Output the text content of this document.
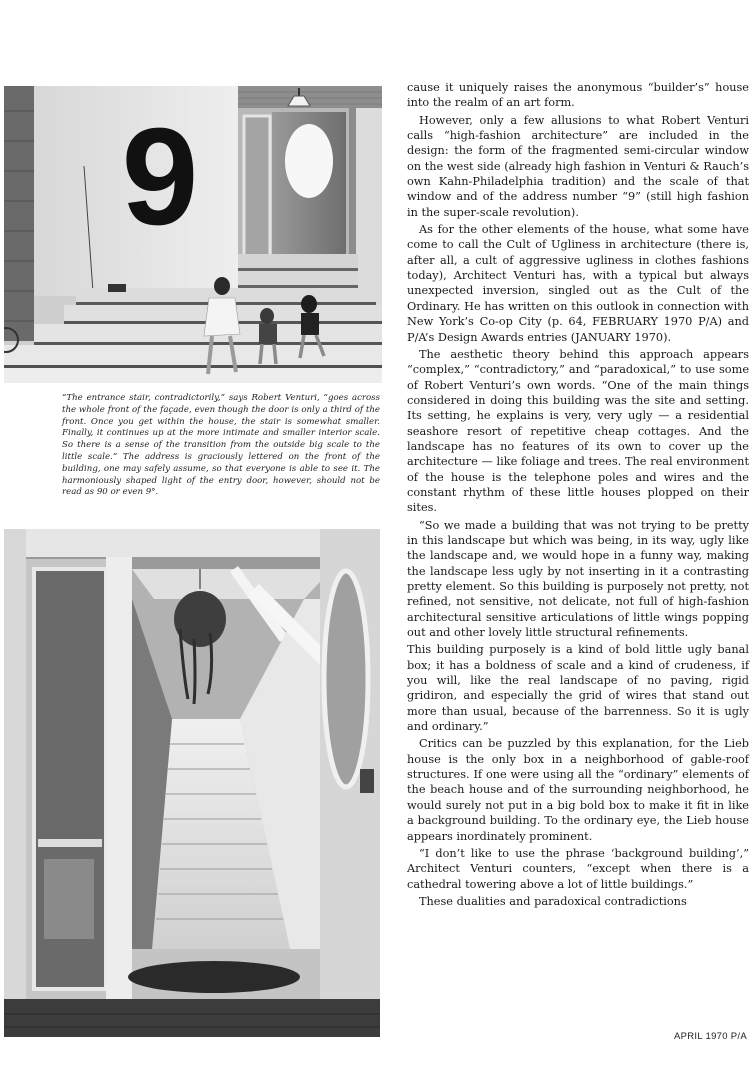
9

“The entrance stair, contradictorily,” says Robert Venturi, “goes across the whole front of the façade, even though the door is only a third of the front. Once you get within the house, the stair is somewhat smaller. Finally, it continues up at the more intimate and smaller interior scale. So there is a sense of the transition from the outside big scale to the little scale.” The address is graciously lettered on the front of the building, one may safely assume, so that everyone is able to see it. The harmoniously shaped light of the entry door, however, should not be read as 90 or even 9°.

cause it uniquely raises the anonymous “builder’s” house into the realm of an art form.

However, only a few allusions to what Robert Venturi calls “high-fashion architecture” are included in the design: the form of the fragmented semi-circular window on the west side (already high fashion in Venturi & Rauch’s own Kahn-Philadelphia tradition) and the scale of that window and of the address number “9” (still high fashion in the super-scale revolution).

As for the other elements of the house, what some have come to call the Cult of Ugliness in architecture (there is, after all, a cult of aggressive ugliness in clothes fashions today), Architect Venturi has, with a typical but always unexpected inversion, singled out as the Cult of the Ordinary. He has written on this outlook in connection with New York’s Co-op City (p. 64, FEBRUARY 1970 P/A) and P/A’s Design Awards entries (JANUARY 1970).

The aesthetic theory behind this approach appears “complex,” “contradictory,” and “paradoxical,” to use some of Robert Venturi’s own words. “One of the main things considered in doing this building was the site and setting. Its setting, he explains is very, very ugly — a residential seashore resort of repetitive cheap cottages. And the landscape has no features of its own to cover up the architecture — like foliage and trees. The real environment of the house is the telephone poles and wires and the constant rhythm of these little houses plopped on their sites.

“So we made a building that was not trying to be pretty in this landscape but which was being, in its way, ugly like the landscape and, we would hope in a funny way, making the landscape less ugly by not inserting in it a contrasting pretty element. So this building is purposely not pretty, not refined, not sensitive, not delicate, not full of high-fashion architectural sensitive articulations of little wings popping out and other lovely little structural refinements.

This building purposely is a kind of bold little ugly banal box; it has a boldness of scale and a kind of crudeness, if you will, like the real landscape of no paving, rigid gridiron, and especially the grid of wires that stand out more than usual, because of the barrenness. So it is ugly and ordinary.”

Critics can be puzzled by this explanation, for the Lieb house is the only box in a neighborhood of gable-roof structures. If one were using all the “ordinary” elements of the beach house and of the surrounding neighborhood, he would surely not put in a big bold box to make it fit in like a background building. To the ordinary eye, the Lieb house appears inordinately prominent.

“I don’t like to use the phrase ‘background building’,” Architect Venturi counters, “except when there is a cathedral towering above a lot of little buildings.”

These dualities and paradoxical contradictions

APRIL 1970 P/A
